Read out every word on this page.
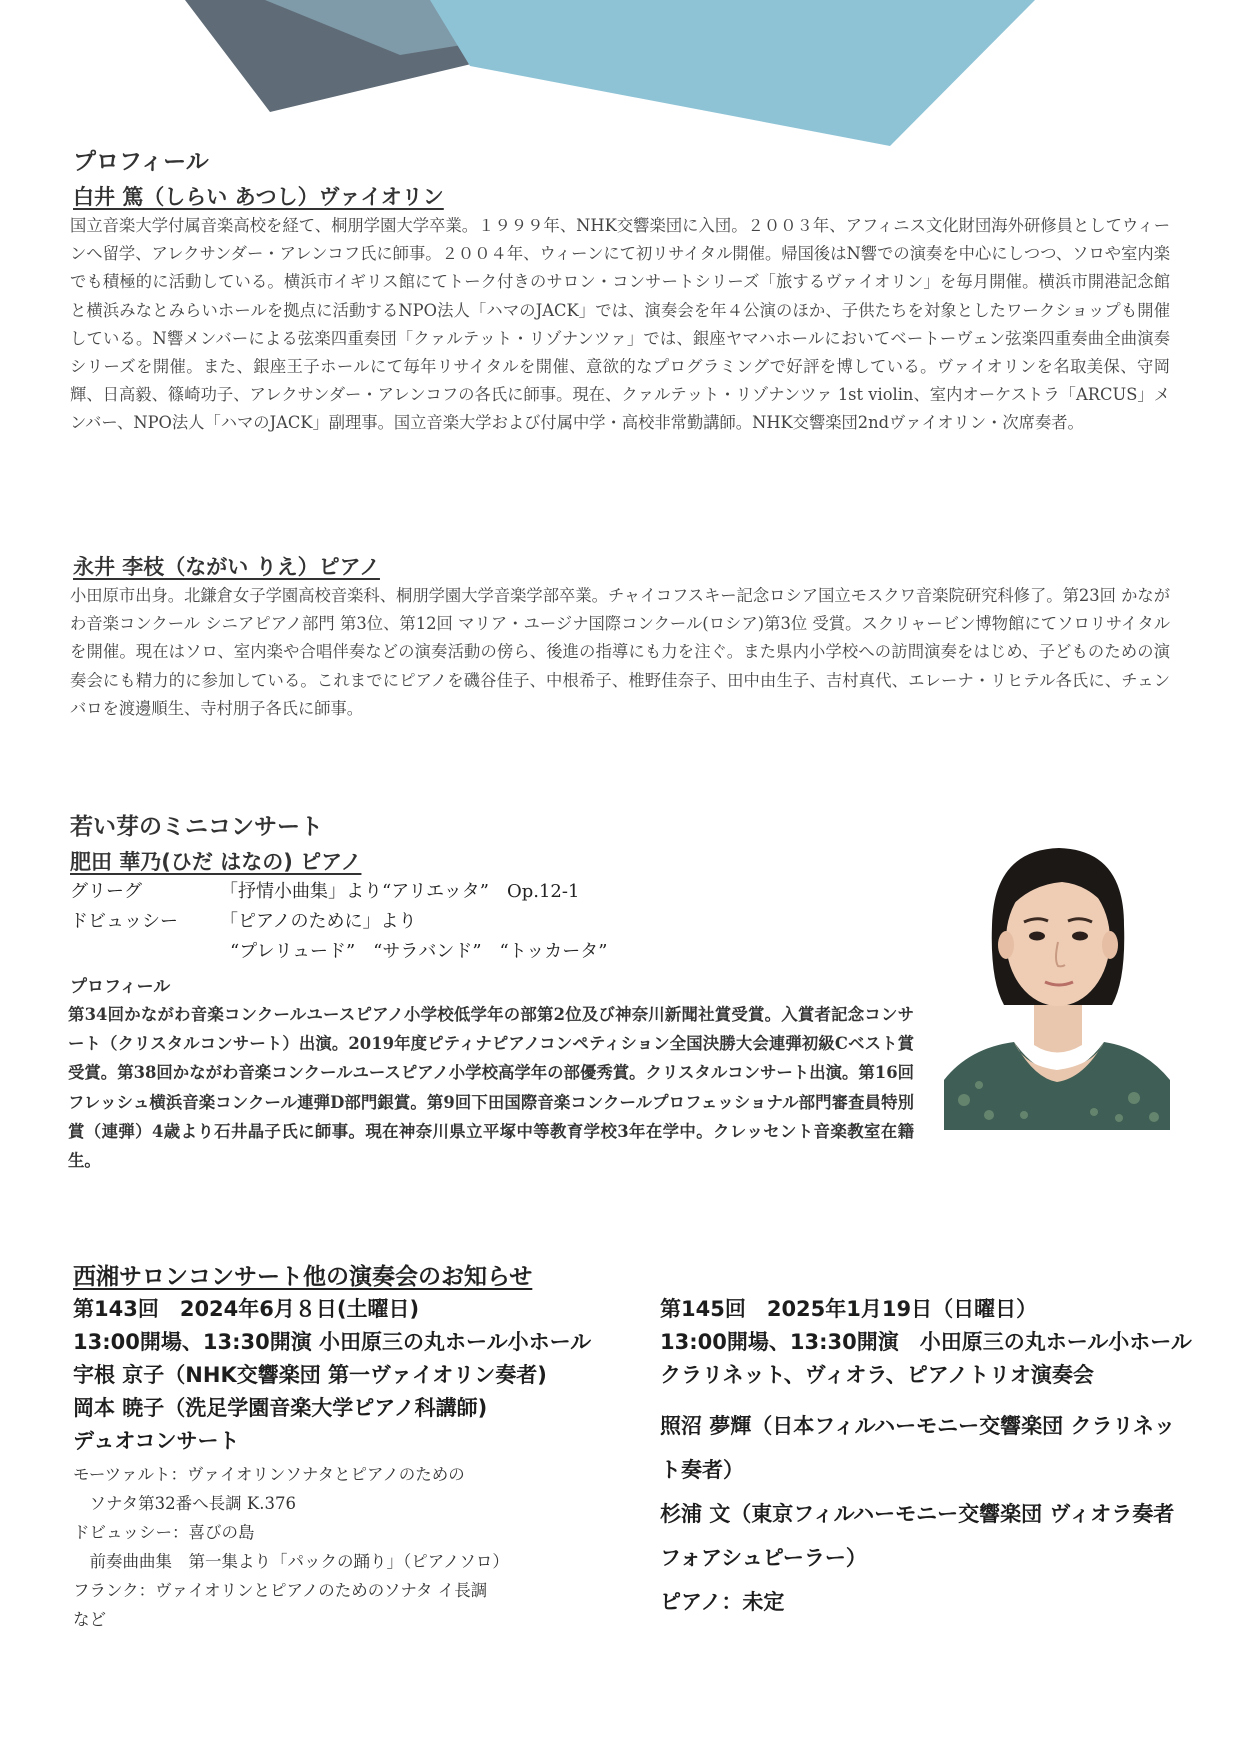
プロフィール
白井 篤（しらい あつし）ヴァイオリン
国立音楽大学付属音楽高校を経て、桐朋学園大学卒業。１９９９年、NHK交響楽団に入団。２００３年、アフィニス文化財団海外研修員としてウィーンへ留学、アレクサンダー・アレンコフ氏に師事。２００４年、ウィーンにて初リサイタル開催。帰国後はN響での演奏を中心にしつつ、ソロや室内楽でも積極的に活動している。横浜市イギリス館にてトーク付きのサロン・コンサートシリーズ「旅するヴァイオリン」を毎月開催。横浜市開港記念館と横浜みなとみらいホールを拠点に活動するNPO法人「ハマのJACK」では、演奏会を年４公演のほか、子供たちを対象としたワークショップも開催している。N響メンバーによる弦楽四重奏団「クァルテット・リゾナンツァ」では、銀座ヤマハホールにおいてベートーヴェン弦楽四重奏曲全曲演奏シリーズを開催。また、銀座王子ホールにて毎年リサイタルを開催、意欲的なプログラミングで好評を博している。ヴァイオリンを名取美保、守岡輝、日高毅、篠崎功子、アレクサンダー・アレンコフの各氏に師事。現在、クァルテット・リゾナンツァ 1st violin、室内オーケストラ「ARCUS」メンバー、NPO法人「ハマのJACK」副理事。国立音楽大学および付属中学・高校非常勤講師。NHK交響楽団2ndヴァイオリン・次席奏者。
永井 李枝（ながい りえ）ピアノ
小田原市出身。北鎌倉女子学園高校音楽科、桐朋学園大学音楽学部卒業。チャイコフスキー記念ロシア国立モスクワ音楽院研究科修了。第23回 かながわ音楽コンクール シニアピアノ部門 第3位、第12回 マリア・ユージナ国際コンクール(ロシア)第3位 受賞。スクリャービン博物館にてソロリサイタルを開催。現在はソロ、室内楽や合唱伴奏などの演奏活動の傍ら、後進の指導にも力を注ぐ。また県内小学校への訪問演奏をはじめ、子どものための演奏会にも精力的に参加している。これまでにピアノを磯谷佳子、中根希子、椎野佳奈子、田中由生子、吉村真代、エレーナ・リヒテル各氏に、チェンバロを渡邊順生、寺村朋子各氏に師事。
若い芽のミニコンサート
肥田 華乃(ひだ はなの) ピアノ
グリーグ	「抒情小曲集」より“アリエッタ”　Op.12-1
ドビュッシー 「ピアノのために」より
“プレリュード”　“サラバンド”　“トッカータ”
プロフィール
第34回かながわ音楽コンクールユースピアノ小学校低学年の部第2位及び神奈川新聞社賞受賞。入賞者記念コンサート（クリスタルコンサート）出演。2019年度ピティナピアノコンペティション全国決勝大会連弾初級Cベスト賞受賞。第38回かながわ音楽コンクールユースピアノ小学校高学年の部優秀賞。クリスタルコンサート出演。第16回フレッシュ横浜音楽コンクール連弾D部門銀賞。第9回下田国際音楽コンクールプロフェッショナル部門審査員特別賞（連弾）4歳より石井晶子氏に師事。現在神奈川県立平塚中等教育学校3年在学中。クレッセント音楽教室在籍生。
西湘サロンコンサート他の演奏会のお知らせ
第143回　2024年6月８日(土曜日)
13:00開場、13:30開演 小田原三の丸ホール小ホール
宇根 京子（NHK交響楽団 第一ヴァイオリン奏者)
岡本 暁子（洗足学園音楽大学ピアノ科講師)
デュオコンサート
モーツァルト：ヴァイオリンソナタとピアノのための
　ソナタ第32番へ長調 K.376
ドビュッシー：喜びの島
　前奏曲曲集　第一集より「パックの踊り」（ピアノソロ）
フランク：ヴァイオリンとピアノのためのソナタ イ長調
など
第145回　2025年1月19日（日曜日）
13:00開場、13:30開演　小田原三の丸ホール小ホール
クラリネット、ヴィオラ、ピアノトリオ演奏会
照沼 夢輝（日本フィルハーモニー交響楽団 クラリネット奏者）
杉浦 文（東京フィルハーモニー交響楽団 ヴィオラ奏者 フォアシュピーラー）
ピアノ：未定
